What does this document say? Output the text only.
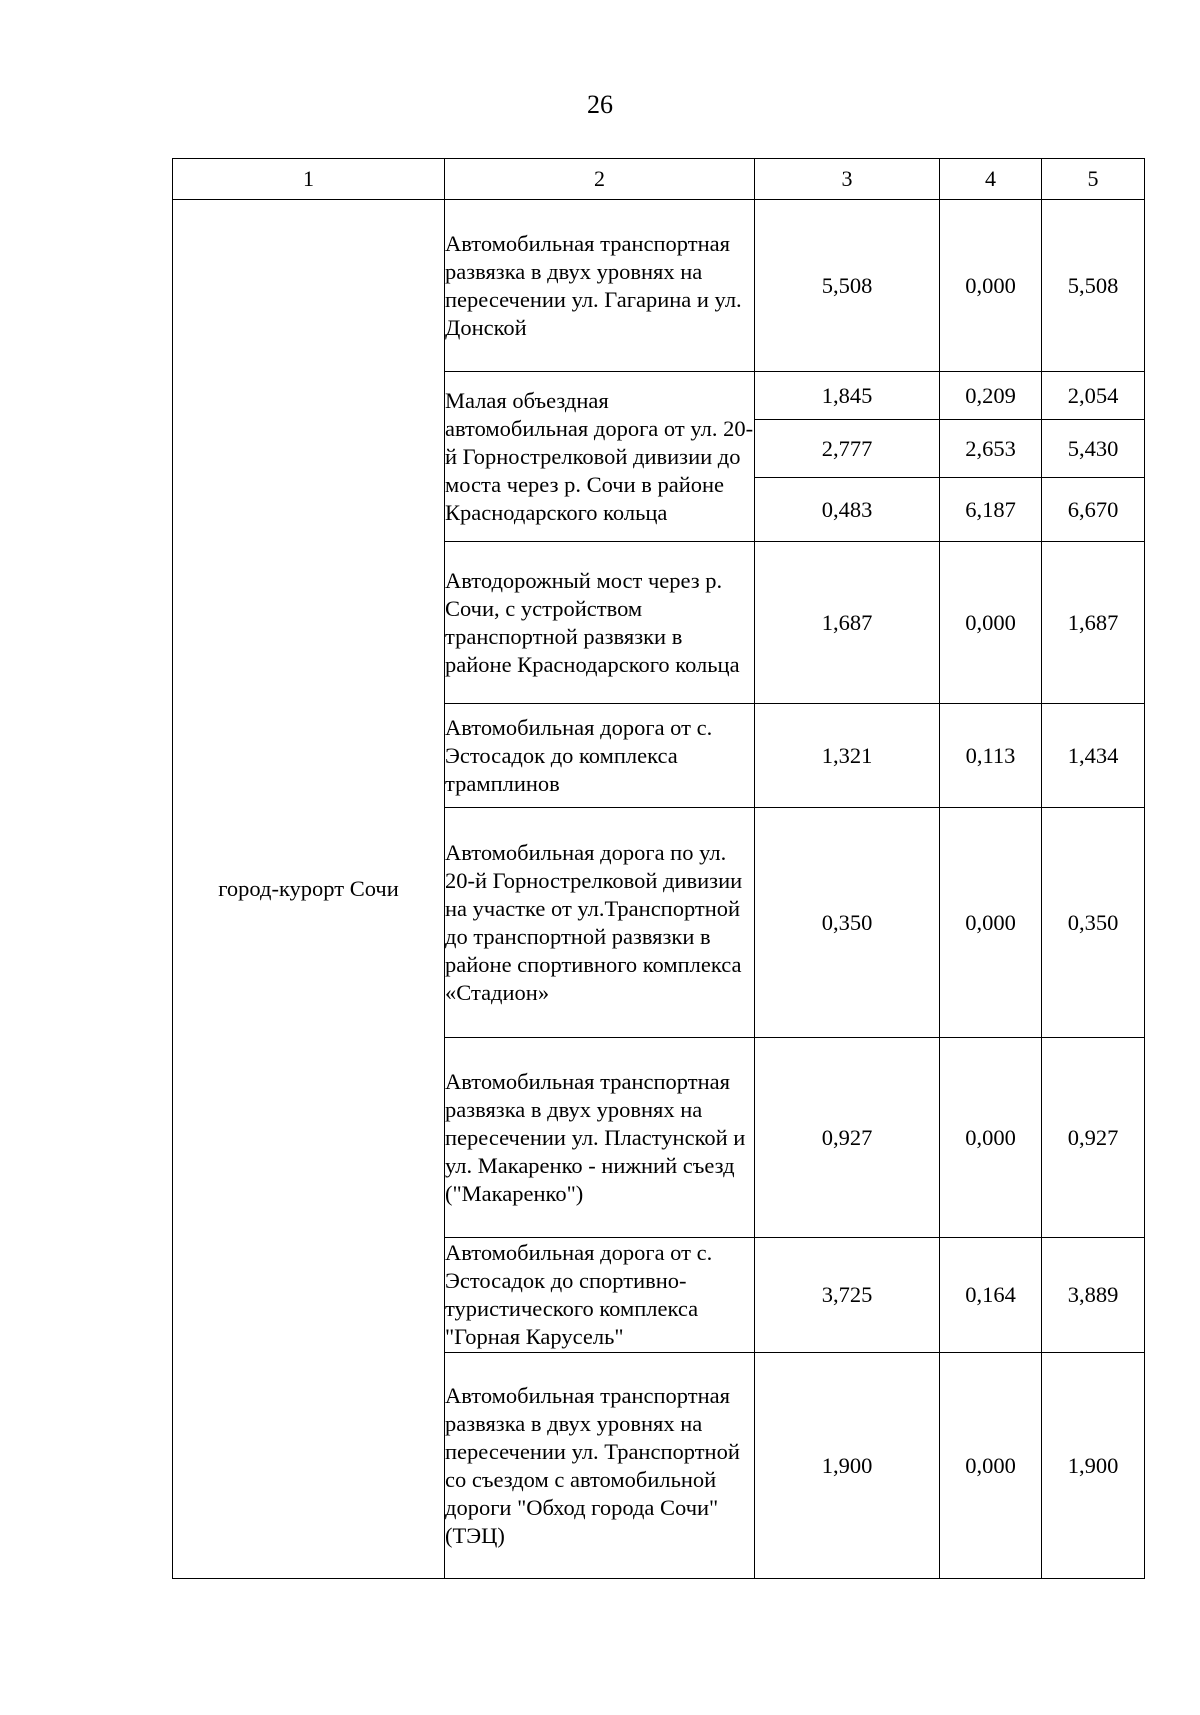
26
1	2	3	4	5
город-курорт Сочи	Автомобильная транспортная развязка в двух уровнях на пересечении ул. Гагарина и ул. Донской	5,508	0,000	5,508
	Малая объездная автомобильная дорога от ул. 20-й Горнострелковой дивизии до моста через р. Сочи в районе Краснодарского кольца	1,845	0,209	2,054
		2,777	2,653	5,430
		0,483	6,187	6,670
	Автодорожный мост через р. Сочи, с устройством транспортной развязки в районе Краснодарского кольца	1,687	0,000	1,687
	Автомобильная дорога от с. Эстосадок до комплекса трамплинов	1,321	0,113	1,434
	Автомобильная дорога по ул. 20-й Горнострелковой дивизии на участке от ул.Транспортной до транспортной развязки в районе спортивного комплекса «Стадион»	0,350	0,000	0,350
	Автомобильная транспортная развязка в двух уровнях на пересечении ул. Пластунской и ул. Макаренко - нижний съезд ("Макаренко")	0,927	0,000	0,927
	Автомобильная дорога от с. Эстосадок до спортивно-туристического комплекса "Горная Карусель"	3,725	0,164	3,889
	Автомобильная транспортная развязка в двух уровнях на пересечении ул. Транспортной со съездом с автомобильной дороги "Обход города Сочи" (ТЭЦ)	1,900	0,000	1,900
